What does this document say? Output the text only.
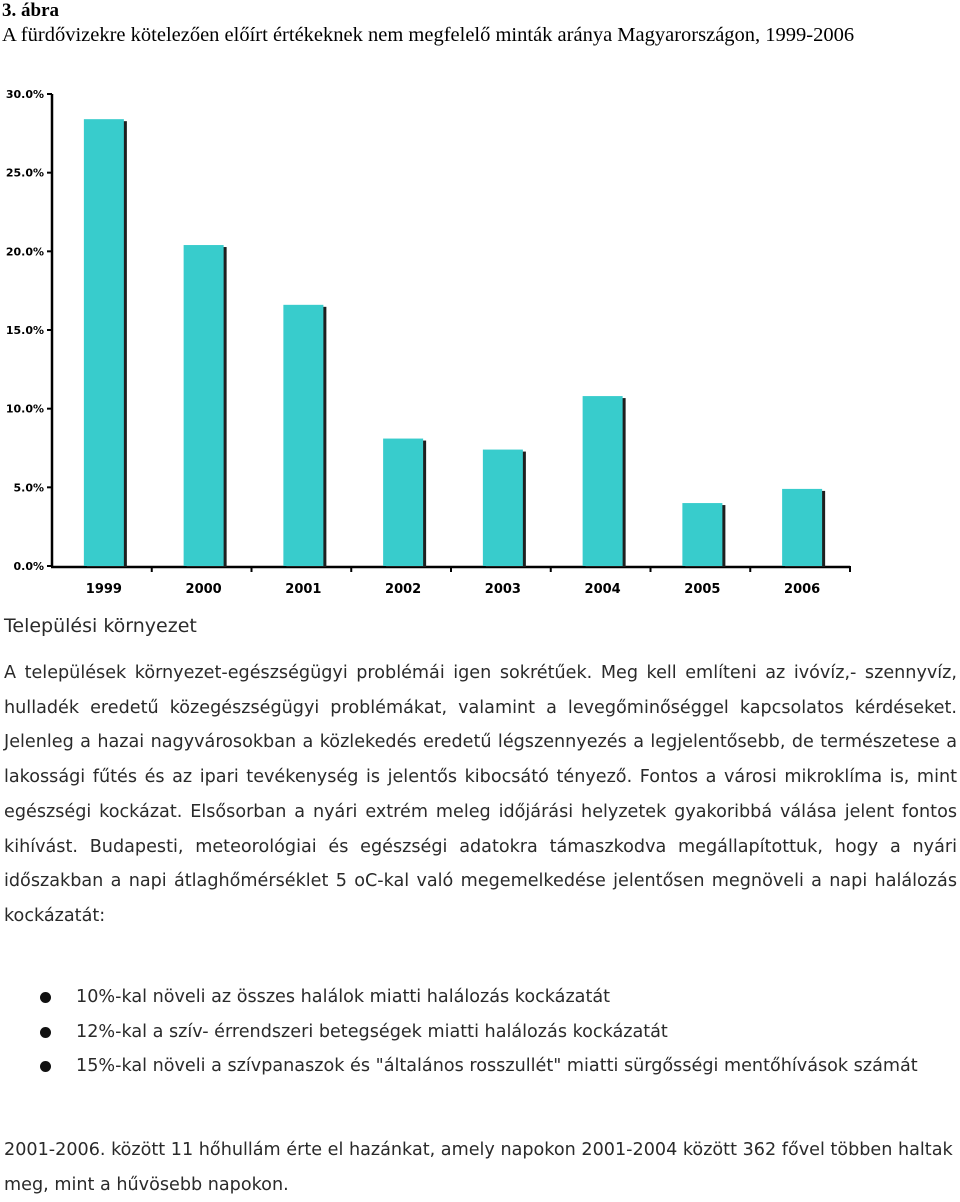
3. ábra
A fürdővizekre kötelezően előírt értékeknek nem megfelelő minták aránya Magyarországon, 1999-2006
0.0%
5.0%
10.0%
15.0%
20.0%
25.0%
30.0%
1999	2000	2001	2002	2003	2004	2005	2006
Települési környezet

A települések környezet-egészségügyi problémái igen sokrétűek. Meg kell említeni az ivóvíz,- szennyvíz, hulladék eredetű közegészségügyi problémákat, valamint a levegőminőséggel kapcsolatos kérdéseket. Jelenleg a hazai nagyvárosokban a közlekedés eredetű légszennyezés a legjelentősebb, de természetese a lakossági fűtés és az ipari tevékenység is jelentős kibocsátó tényező. Fontos a városi mikroklíma is, mint egészségi kockázat. Elsősorban a nyári extrém meleg időjárási helyzetek gyakoribbá válása jelent fontos kihívást. Budapesti, meteorológiai és egészségi adatokra támaszkodva megállapítottuk, hogy a nyári időszakban a napi átlaghőmérséklet 5 oC-kal való megemelkedése jelentősen megnöveli a napi halálozás kockázatát:

10%-kal növeli az összes halálok miatti halálozás kockázatát
12%-kal a szív- érrendszeri betegségek miatti halálozás kockázatát
15%-kal növeli a szívpanaszok és "általános rosszullét" miatti sürgősségi mentőhívások számát

2001-2006. között 11 hőhullám érte el hazánkat, amely napokon 2001-2004 között 362 fővel többen haltak meg, mint a hűvösebb napokon.
